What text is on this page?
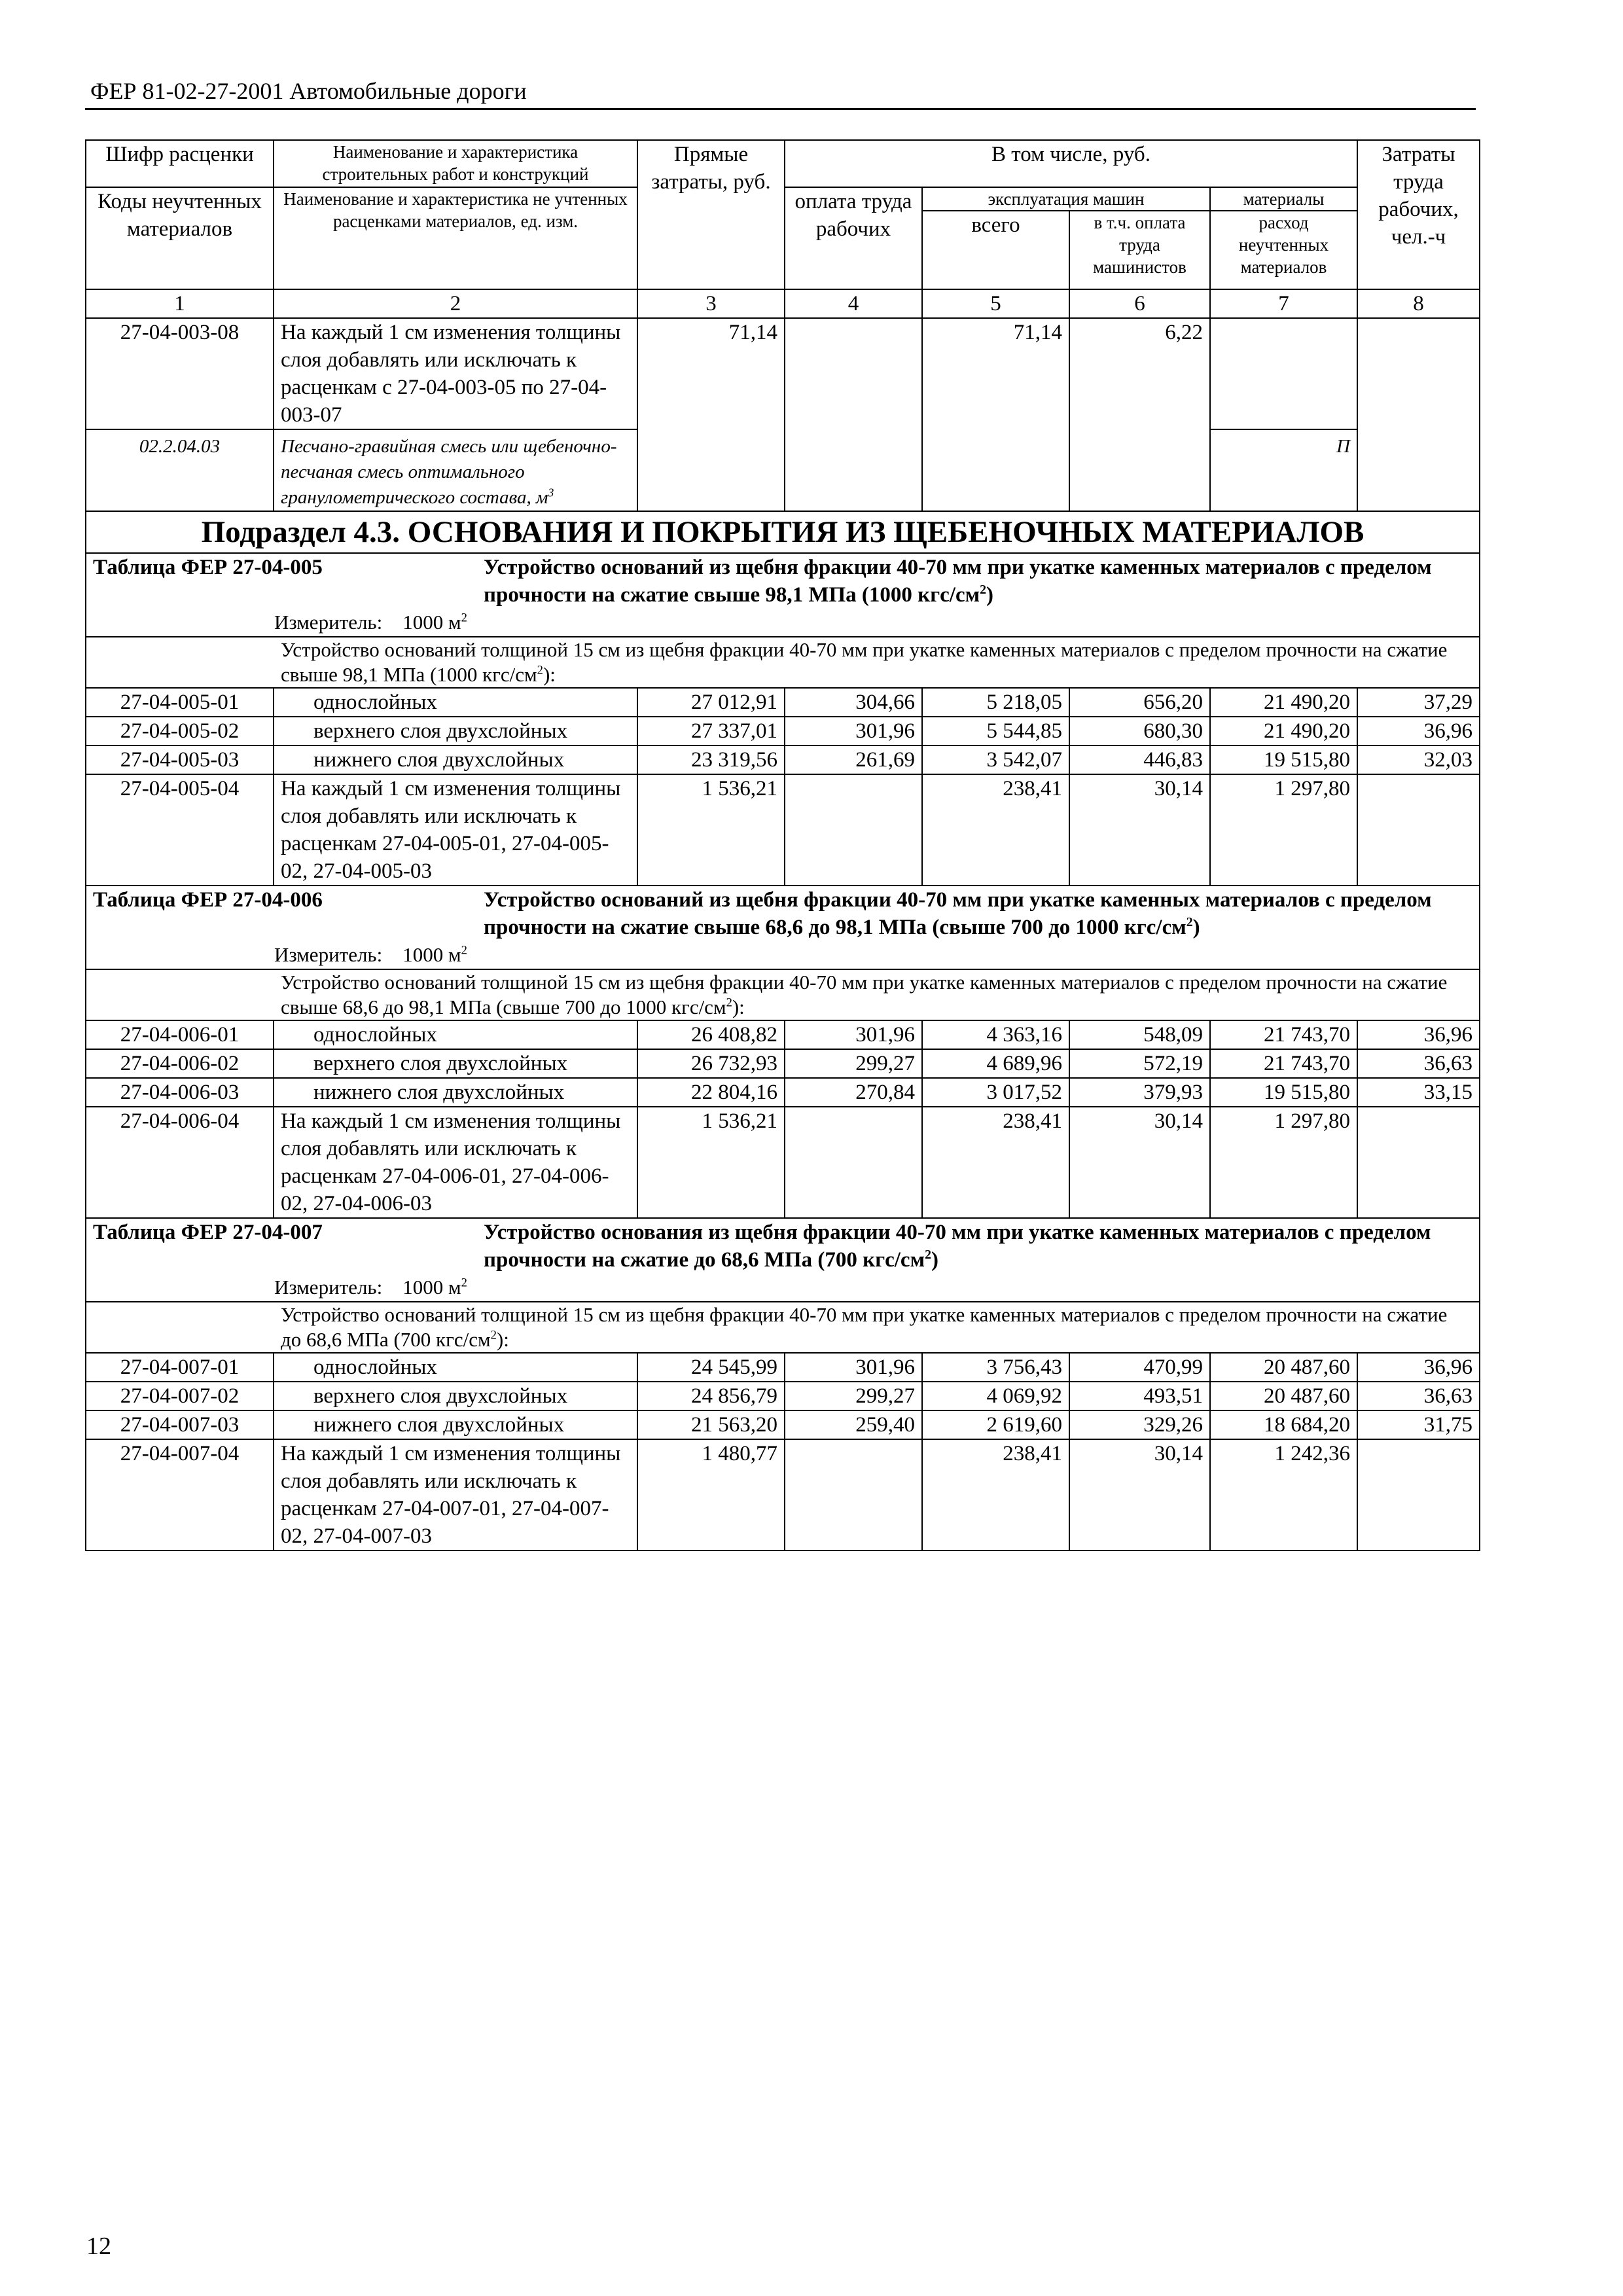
ФЕР 81-02-27-2001 Автомобильные дороги
Шифр расценки	Наименование и характеристика строительных работ и конструкций	Прямые затраты, руб.	В том числе, руб.				Затраты труда рабочих, чел.-ч
Коды неучтенных материалов	Наименование и характеристика не учтенных расценками материалов, ед. изм.		оплата труда рабочих	эксплуатация машин		материалы	
				всего	в т.ч. оплата труда машинистов	расход неучтенных материалов	
1	2	3	4	5	6	7	8
27-04-003-08	На каждый 1 см изменения толщины слоя добавлять или исключать к расценкам с 27-04-003-05 по 27-04-003-07	71,14		71,14	6,22		
02.2.04.03	Песчано-гравийная смесь или щебеночно-песчаная смесь оптимального гранулометрического состава, $м^3$					П	
Подраздел 4.3. ОСНОВАНИЯ И ПОКРЫТИЯ ИЗ ЩЕБЕНОЧНЫХ МАТЕРИАЛОВ							
Таблица ФЕР 27-04-005 Устройство оснований из щебня фракции 40-70 мм при укатке каменных материалов с пределом прочности на сжатие свыше 98,1 МПа (1000 кгс/$см^2$)							
Измеритель: 1000 $м^2$
Устройство оснований толщиной 15 см из щебня фракции 40-70 мм при укатке каменных материалов с пределом прочности на сжатие свыше 98,1 МПа (1000 кгс/$см^2$):							
27-04-005-01	однослойных	27 012,91	304,66	5 218,05	656,20	21 490,20	37,29
27-04-005-02	верхнего слоя двухслойных	27 337,01	301,96	5 544,85	680,30	21 490,20	36,96
27-04-005-03	нижнего слоя двухслойных	23 319,56	261,69	3 542,07	446,83	19 515,80	32,03
27-04-005-04	На каждый 1 см изменения толщины слоя добавлять или исключать к расценкам 27-04-005-01, 27-04-005-02, 27-04-005-03	1 536,21		238,41	30,14	1 297,80	
Таблица ФЕР 27-04-006 Устройство оснований из щебня фракции 40-70 мм при укатке каменных материалов с пределом прочности на сжатие свыше 68,6 до 98,1 МПа (свыше 700 до 1000 кгс/$см^2$)							
Измеритель: 1000 $м^2$
Устройство оснований толщиной 15 см из щебня фракции 40-70 мм при укатке каменных материалов с пределом прочности на сжатие свыше 68,6 до 98,1 МПа (свыше 700 до 1000 кгс/$см^2$):							
27-04-006-01	однослойных	26 408,82	301,96	4 363,16	548,09	21 743,70	36,96
27-04-006-02	верхнего слоя двухслойных	26 732,93	299,27	4 689,96	572,19	21 743,70	36,63
27-04-006-03	нижнего слоя двухслойных	22 804,16	270,84	3 017,52	379,93	19 515,80	33,15
27-04-006-04	На каждый 1 см изменения толщины слоя добавлять или исключать к расценкам 27-04-006-01, 27-04-006-02, 27-04-006-03	1 536,21		238,41	30,14	1 297,80	
Таблица ФЕР 27-04-007 Устройство основания из щебня фракции 40-70 мм при укатке каменных материалов с пределом прочности на сжатие до 68,6 МПа (700 кгс/$см^2$)							
Измеритель: 1000 $м^2$
Устройство оснований толщиной 15 см из щебня фракции 40-70 мм при укатке каменных материалов с пределом прочности на сжатие до 68,6 МПа (700 кгс/$см^2$):							
27-04-007-01	однослойных	24 545,99	301,96	3 756,43	470,99	20 487,60	36,96
27-04-007-02	верхнего слоя двухслойных	24 856,79	299,27	4 069,92	493,51	20 487,60	36,63
27-04-007-03	нижнего слоя двухслойных	21 563,20	259,40	2 619,60	329,26	18 684,20	31,75
27-04-007-04	На каждый 1 см изменения толщины слоя добавлять или исключать к расценкам 27-04-007-01, 27-04-007-02, 27-04-007-03	1 480,77		238,41	30,14	1 242,36	
12
